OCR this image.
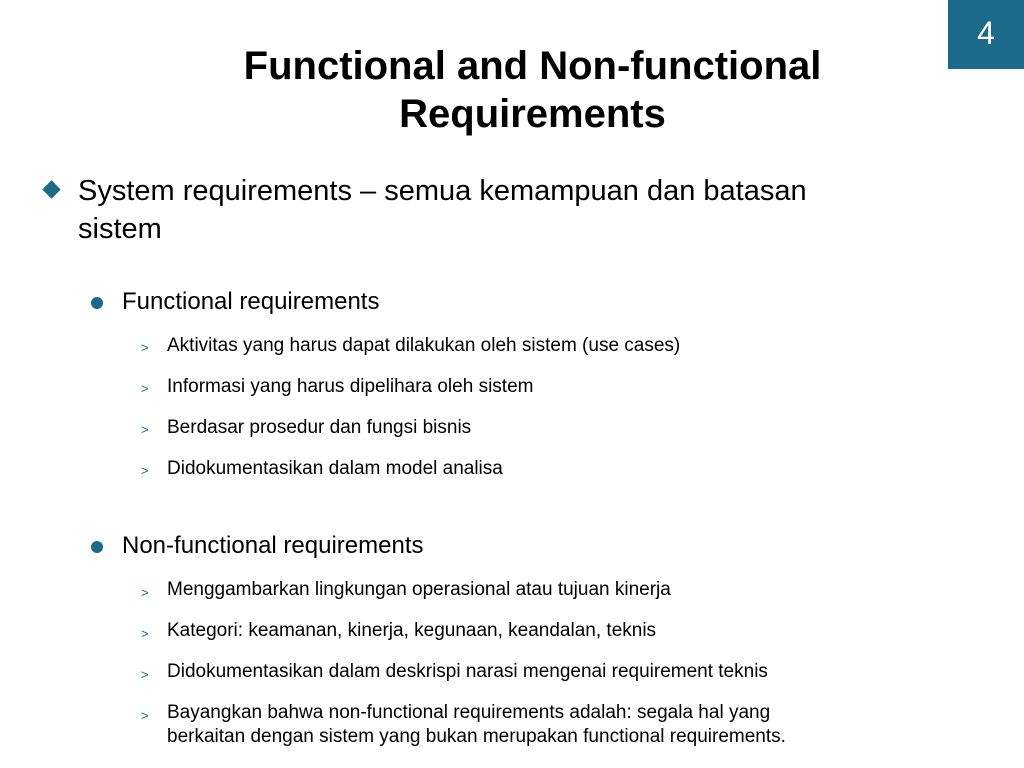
4
Functional and Non-functional
Requirements
System requirements – semua kemampuan dan batasan
sistem
Functional requirements
> Aktivitas yang harus dapat dilakukan oleh sistem (use cases)
> Informasi yang harus dipelihara oleh sistem
> Berdasar prosedur dan fungsi bisnis
> Didokumentasikan dalam model analisa
Non-functional requirements
> Menggambarkan lingkungan operasional atau tujuan kinerja
> Kategori: keamanan, kinerja, kegunaan, keandalan, teknis
> Didokumentasikan dalam deskrispi narasi mengenai requirement teknis
> Bayangkan bahwa non-functional requirements adalah: segala hal yang
berkaitan dengan sistem yang bukan merupakan functional requirements.
